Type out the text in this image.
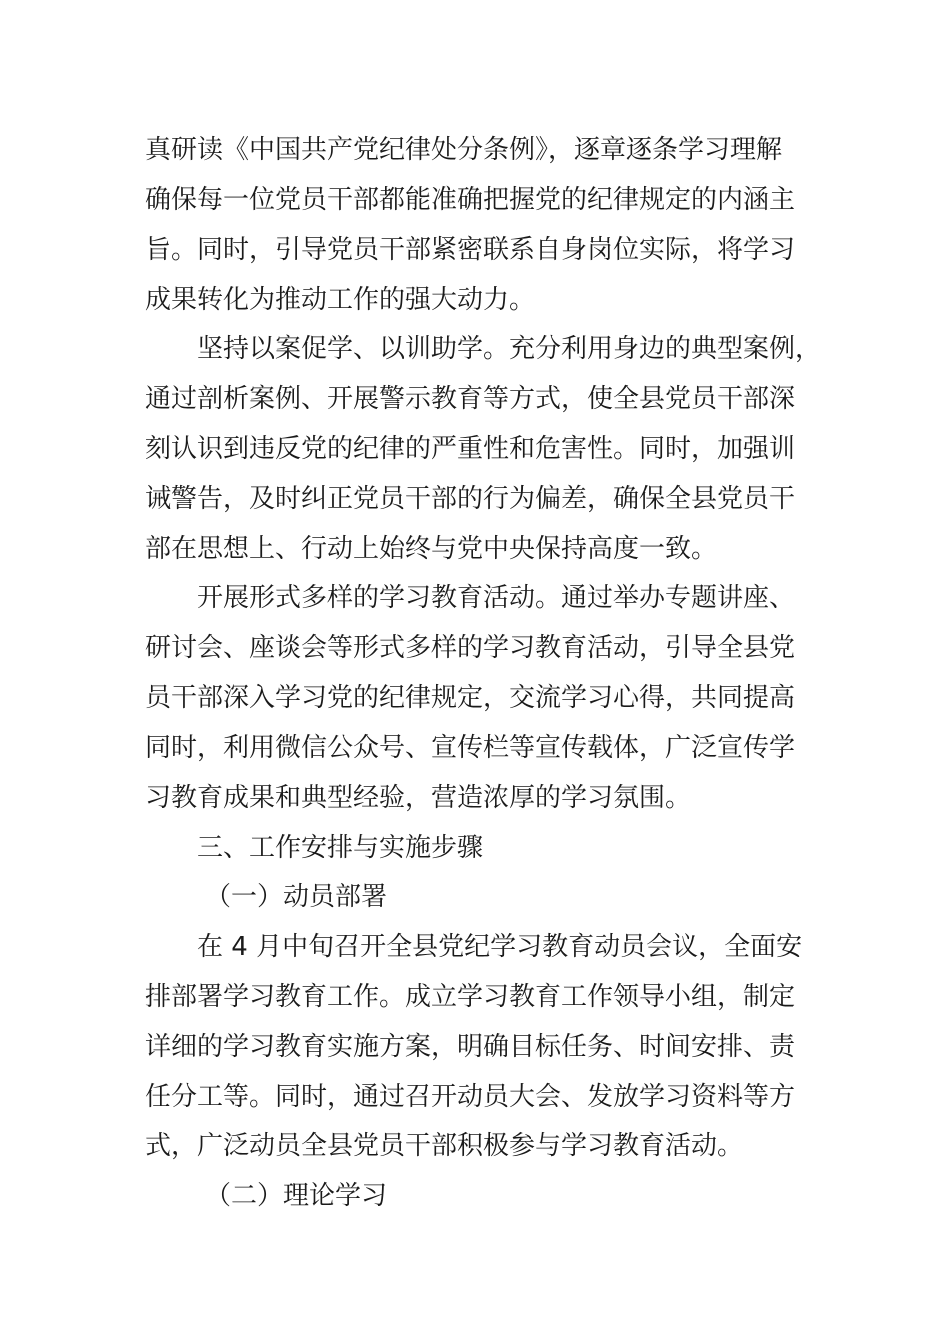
真研读《中国共产党纪律处分条例》，逐章逐条学习理解
确保每一位党员干部都能准确把握党的纪律规定的内涵主
旨。同时，引导党员干部紧密联系自身岗位实际，将学习
成果转化为推动工作的强大动力。
坚持以案促学、以训助学。充分利用身边的典型案例，
通过剖析案例、开展警示教育等方式，使全县党员干部深
刻认识到违反党的纪律的严重性和危害性。同时，加强训
诫警告，及时纠正党员干部的行为偏差，确保全县党员干
部在思想上、行动上始终与党中央保持高度一致。
开展形式多样的学习教育活动。通过举办专题讲座、
研讨会、座谈会等形式多样的学习教育活动，引导全县党
员干部深入学习党的纪律规定，交流学习心得，共同提高
同时，利用微信公众号、宣传栏等宣传载体，广泛宣传学
习教育成果和典型经验，营造浓厚的学习氛围。
三、工作安排与实施步骤
（一）动员部署
在 4 月中旬召开全县党纪学习教育动员会议，全面安
排部署学习教育工作。成立学习教育工作领导小组，制定
详细的学习教育实施方案，明确目标任务、时间安排、责
任分工等。同时，通过召开动员大会、发放学习资料等方
式，广泛动员全县党员干部积极参与学习教育活动。
（二）理论学习
